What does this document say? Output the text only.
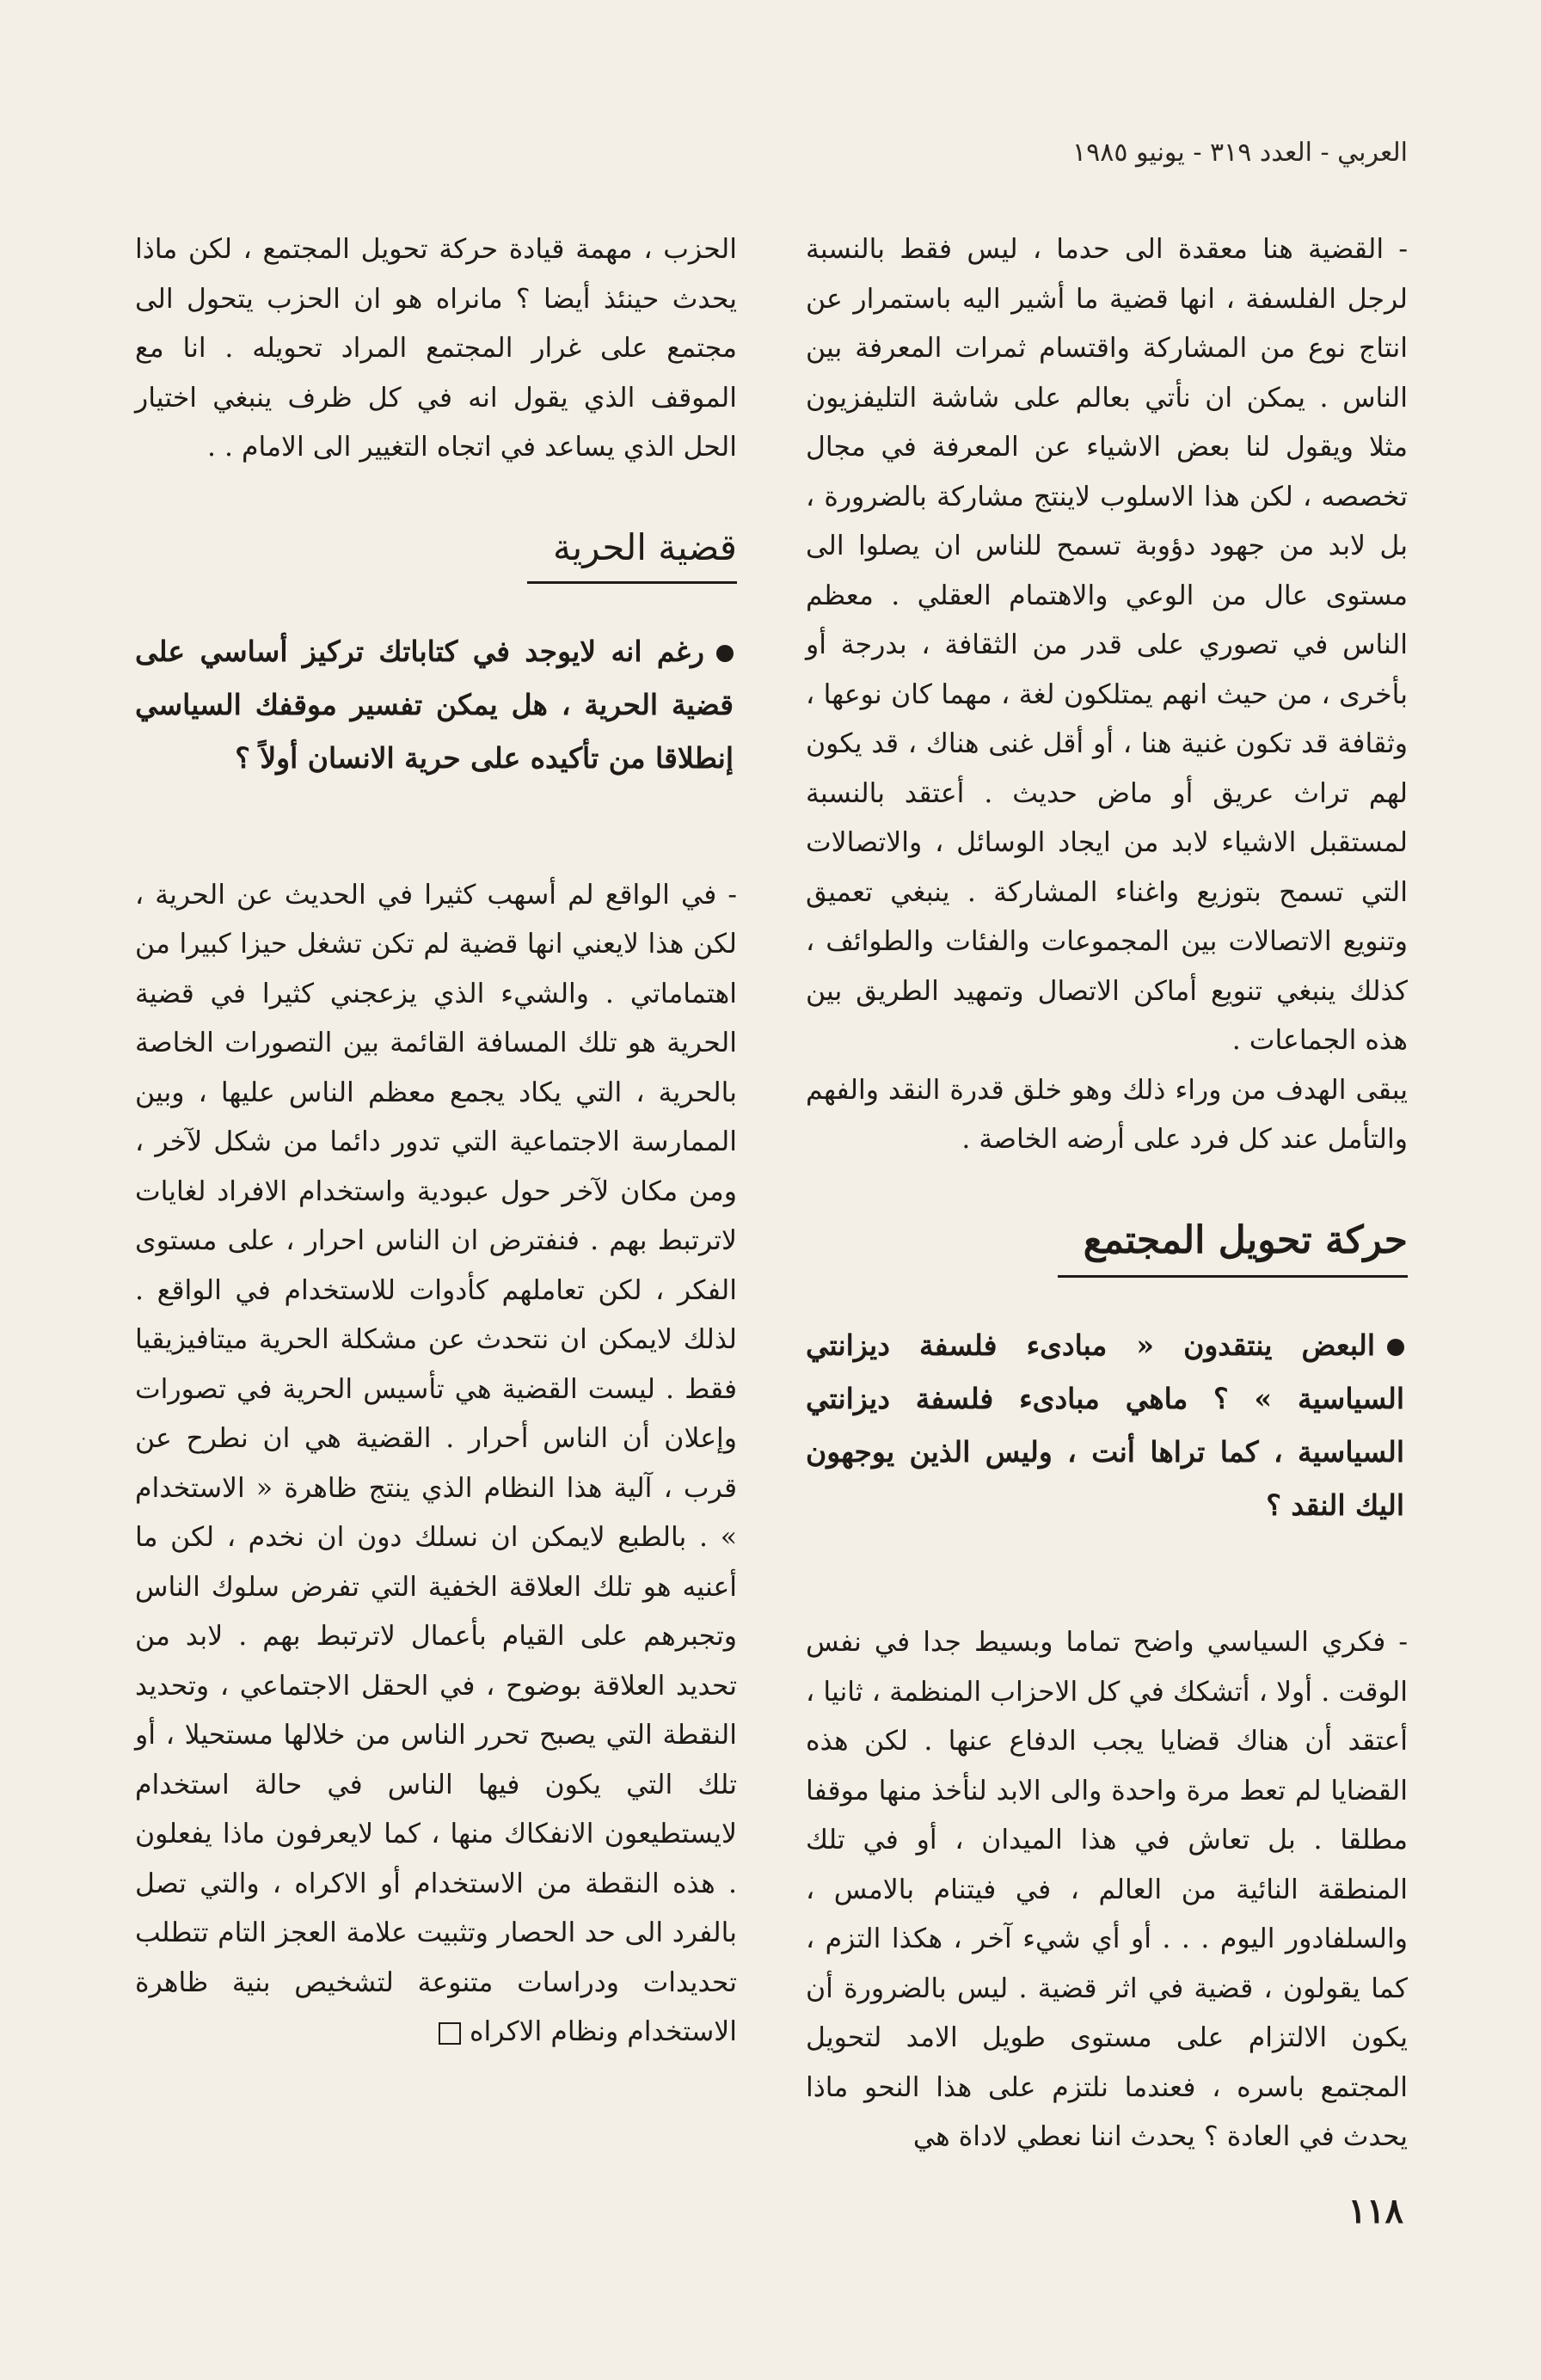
العربي - العدد ٣١٩ - يونيو ١٩٨٥

- القضية هنا معقدة الى حدما ، ليس فقط بالنسبة لرجل الفلسفة ، انها قضية ما أشير اليه باستمرار عن انتاج نوع من المشاركة واقتسام ثمرات المعرفة بين الناس . يمكن ان نأتي بعالم على شاشة التليفزيون مثلا ويقول لنا بعض الاشياء عن المعرفة في مجال تخصصه ، لكن هذا الاسلوب لاينتج مشاركة بالضرورة ، بل لابد من جهود دؤوبة تسمح للناس ان يصلوا الى مستوى عال من الوعي والاهتمام العقلي . معظم الناس في تصوري على قدر من الثقافة ، بدرجة أو بأخرى ، من حيث انهم يمتلكون لغة ، مهما كان نوعها ، وثقافة قد تكون غنية هنا ، أو أقل غنى هناك ، قد يكون لهم تراث عريق أو ماض حديث . أعتقد بالنسبة لمستقبل الاشياء لابد من ايجاد الوسائل ، والاتصالات التي تسمح بتوزيع واغناء المشاركة . ينبغي تعميق وتنويع الاتصالات بين المجموعات والفئات والطوائف ، كذلك ينبغي تنويع أماكن الاتصال وتمهيد الطريق بين هذه الجماعات .

يبقى الهدف من وراء ذلك وهو خلق قدرة النقد والفهم والتأمل عند كل فرد على أرضه الخاصة .

حركة تحويل المجتمع
البعض ينتقدون « مبادىء فلسفة ديزانتي السياسية » ؟ ماهي مبادىء فلسفة ديزانتي السياسية ، كما تراها أنت ، وليس الذين يوجهون اليك النقد ؟

- فكري السياسي واضح تماما وبسيط جدا في نفس الوقت . أولا ، أتشكك في كل الاحزاب المنظمة ، ثانيا ، أعتقد أن هناك قضايا يجب الدفاع عنها . لكن هذه القضايا لم تعط مرة واحدة والى الابد لنأخذ منها موقفا مطلقا . بل تعاش في هذا الميدان ، أو في تلك المنطقة النائية من العالم ، في فيتنام بالامس ، والسلفادور اليوم . . . أو أي شيء آخر ، هكذا التزم ، كما يقولون ، قضية في اثر قضية . ليس بالضرورة أن يكون الالتزام على مستوى طويل الامد لتحويل المجتمع باسره ، فعندما نلتزم على هذا النحو ماذا يحدث في العادة ؟ يحدث اننا نعطي لاداة هي

الحزب ، مهمة قيادة حركة تحويل المجتمع ، لكن ماذا يحدث حينئذ أيضا ؟ مانراه هو ان الحزب يتحول الى مجتمع على غرار المجتمع المراد تحويله . انا مع الموقف الذي يقول انه في كل ظرف ينبغي اختيار الحل الذي يساعد في اتجاه التغيير الى الامام . .

قضية الحرية
رغم انه لايوجد في كتاباتك تركيز أساسي على قضية الحرية ، هل يمكن تفسير موقفك السياسي إنطلاقا من تأكيده على حرية الانسان أولاً ؟

- في الواقع لم أسهب كثيرا في الحديث عن الحرية ، لكن هذا لايعني انها قضية لم تكن تشغل حيزا كبيرا من اهتماماتي . والشيء الذي يزعجني كثيرا في قضية الحرية هو تلك المسافة القائمة بين التصورات الخاصة بالحرية ، التي يكاد يجمع معظم الناس عليها ، وبين الممارسة الاجتماعية التي تدور دائما من شكل لآخر ، ومن مكان لآخر حول عبودية واستخدام الافراد لغايات لاترتبط بهم . فنفترض ان الناس احرار ، على مستوى الفكر ، لكن تعاملهم كأدوات للاستخدام في الواقع . لذلك لايمكن ان نتحدث عن مشكلة الحرية ميتافيزيقيا فقط . ليست القضية هي تأسيس الحرية في تصورات وإعلان أن الناس أحرار . القضية هي ان نطرح عن قرب ، آلية هذا النظام الذي ينتج ظاهرة « الاستخدام » . بالطبع لايمكن ان نسلك دون ان نخدم ، لكن ما أعنيه هو تلك العلاقة الخفية التي تفرض سلوك الناس وتجبرهم على القيام بأعمال لاترتبط بهم . لابد من تحديد العلاقة بوضوح ، في الحقل الاجتماعي ، وتحديد النقطة التي يصبح تحرر الناس من خلالها مستحيلا ، أو تلك التي يكون فيها الناس في حالة استخدام لايستطيعون الانفكاك منها ، كما لايعرفون ماذا يفعلون . هذه النقطة من الاستخدام أو الاكراه ، والتي تصل بالفرد الى حد الحصار وتثبيت علامة العجز التام تتطلب تحديدات ودراسات متنوعة لتشخيص بنية ظاهرة الاستخدام ونظام الاكراه

١١٨
